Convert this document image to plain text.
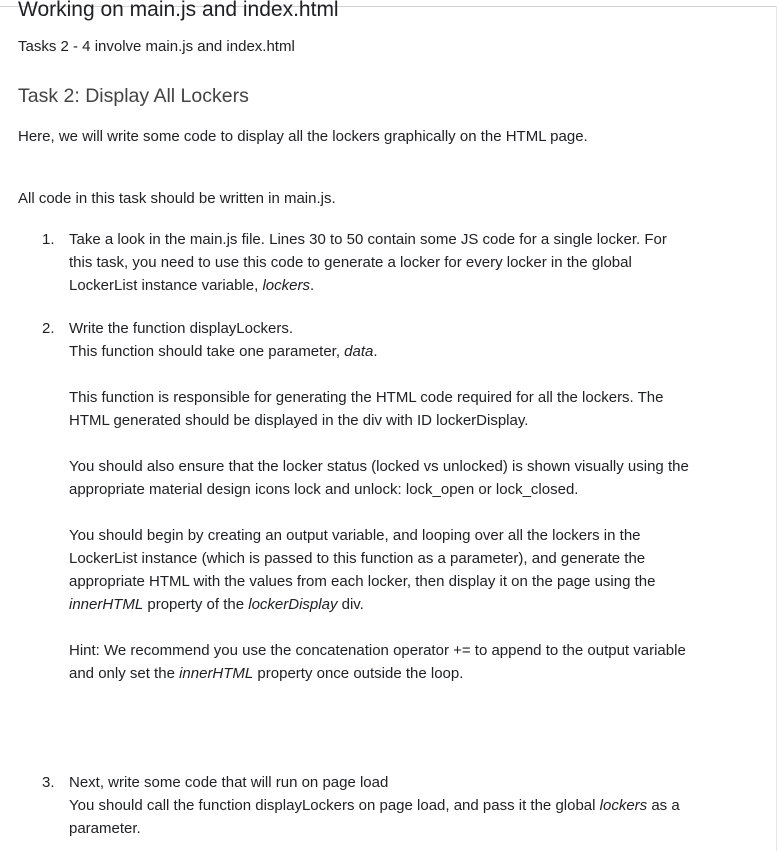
Working on main.js and index.html
Tasks 2 - 4 involve main.js and index.html
Task 2: Display All Lockers
Here, we will write some code to display all the lockers graphically on the HTML page.
All code in this task should be written in main.js.
1. Take a look in the main.js file. Lines 30 to 50 contain some JS code for a single locker. For this task, you need to use this code to generate a locker for every locker in the global LockerList instance variable, lockers.

2. Write the function displayLockers.

This function should take one parameter, data.

This function is responsible for generating the HTML code required for all the lockers. The HTML generated should be displayed in the div with ID lockerDisplay.

You should also ensure that the locker status (locked vs unlocked) is shown visually using the appropriate material design icons lock and unlock: lock_open or lock_closed.

You should begin by creating an output variable, and looping over all the lockers in the LockerList instance (which is passed to this function as a parameter), and generate the appropriate HTML with the values from each locker, then display it on the page using the innerHTML property of the lockerDisplay div.

Hint: We recommend you use the concatenation operator += to append to the output variable and only set the innerHTML property once outside the loop.

3. Next, write some code that will run on page load

You should call the function displayLockers on page load, and pass it the global lockers as a parameter.
